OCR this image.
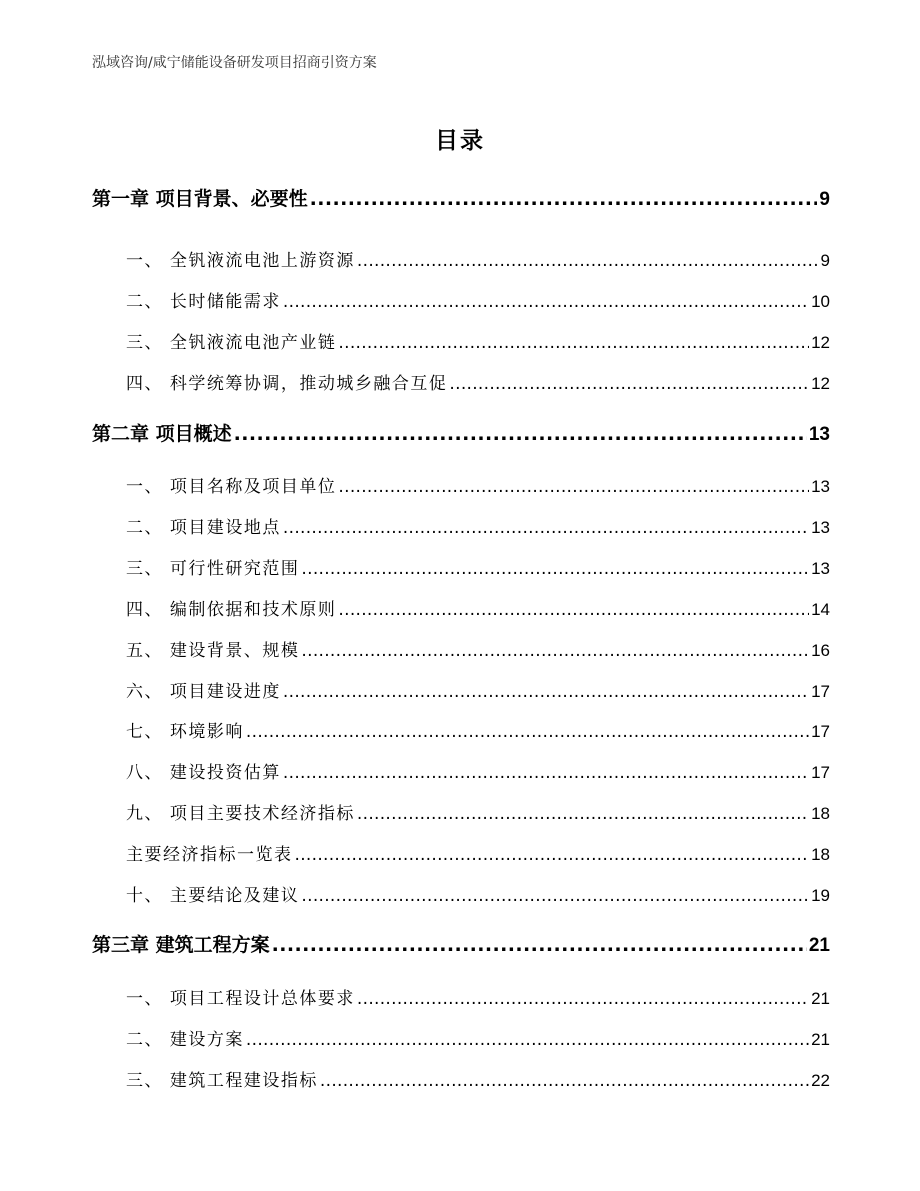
泓域咨询/咸宁储能设备研发项目招商引资方案
目录
第一章 项目背景、必要性 .....	9
一、 全钒液流电池上游资源 .....	9
二、 长时储能需求 .....	10
三、 全钒液流电池产业链 .....	12
四、 科学统筹协调，推动城乡融合互促 .....	12
第二章 项目概述 .....	13
一、 项目名称及项目单位 .....	13
二、 项目建设地点 .....	13
三、 可行性研究范围 .....	13
四、 编制依据和技术原则 .....	14
五、 建设背景、规模 .....	16
六、 项目建设进度 .....	17
七、 环境影响 .....	17
八、 建设投资估算 .....	17
九、 项目主要技术经济指标 .....	18
主要经济指标一览表 .....	18
十、 主要结论及建议 .....	19
第三章 建筑工程方案 .....	21
一、 项目工程设计总体要求 .....	21
二、 建设方案 .....	21
三、 建筑工程建设指标 .....	22
